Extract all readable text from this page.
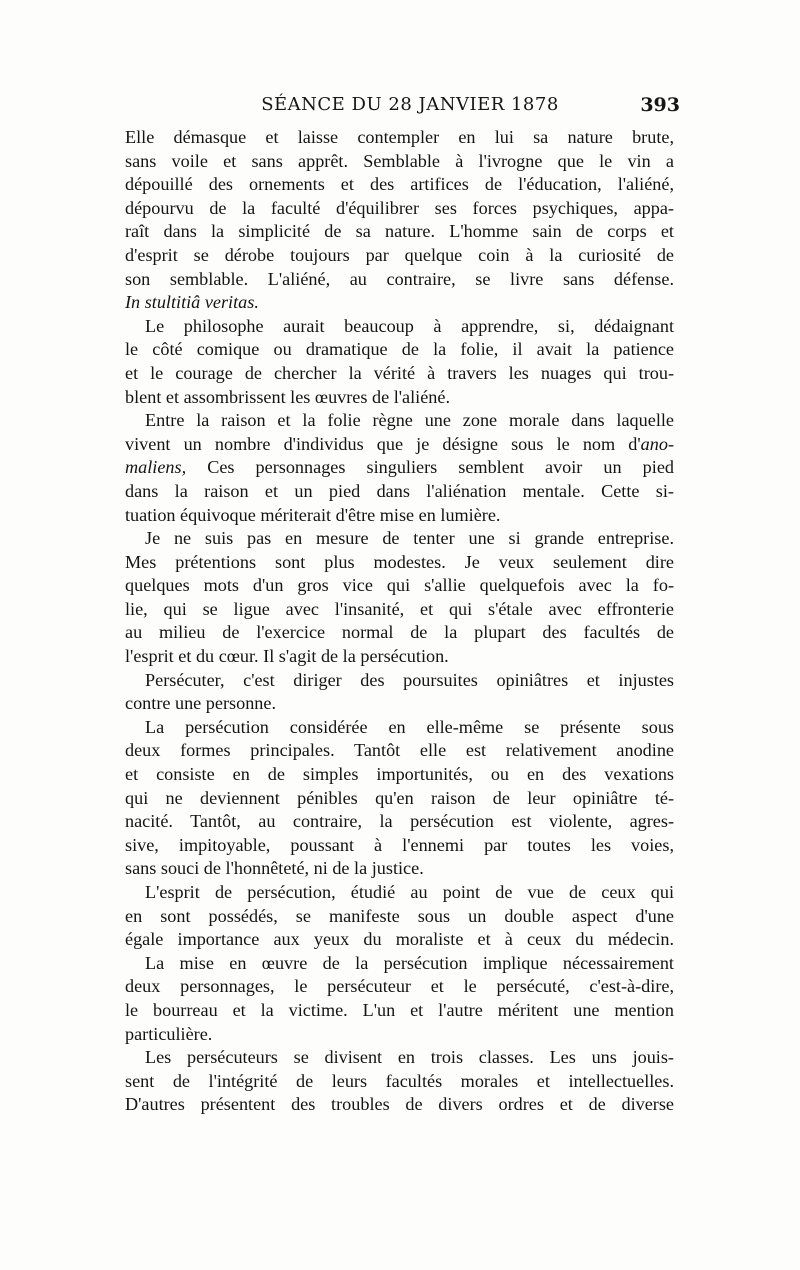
SÉANCE DU 28 JANVIER 1878	393
Elle démasque et laisse contempler en lui sa nature brute,
sans voile et sans apprêt. Semblable à l'ivrogne que le vin a
dépouillé des ornements et des artifices de l'éducation, l'aliéné,
dépourvu de la faculté d'équilibrer ses forces psychiques, appa-
raît dans la simplicité de sa nature. L'homme sain de corps et
d'esprit se dérobe toujours par quelque coin à la curiosité de
son semblable. L'aliéné, au contraire, se livre sans défense.
In stultitiâ veritas.
Le philosophe aurait beaucoup à apprendre, si, dédaignant
le côté comique ou dramatique de la folie, il avait la patience
et le courage de chercher la vérité à travers les nuages qui trou-
blent et assombrissent les œuvres de l'aliéné.
Entre la raison et la folie règne une zone morale dans laquelle
vivent un nombre d'individus que je désigne sous le nom d'ano-
maliens, Ces personnages singuliers semblent avoir un pied
dans la raison et un pied dans l'aliénation mentale. Cette si-
tuation équivoque mériterait d'être mise en lumière.
Je ne suis pas en mesure de tenter une si grande entreprise.
Mes prétentions sont plus modestes. Je veux seulement dire
quelques mots d'un gros vice qui s'allie quelquefois avec la fo-
lie, qui se ligue avec l'insanité, et qui s'étale avec effronterie
au milieu de l'exercice normal de la plupart des facultés de
l'esprit et du cœur. Il s'agit de la persécution.
Persécuter, c'est diriger des poursuites opiniâtres et injustes
contre une personne.
La persécution considérée en elle-même se présente sous
deux formes principales. Tantôt elle est relativement anodine
et consiste en de simples importunités, ou en des vexations
qui ne deviennent pénibles qu'en raison de leur opiniâtre té-
nacité. Tantôt, au contraire, la persécution est violente, agres-
sive, impitoyable, poussant à l'ennemi par toutes les voies,
sans souci de l'honnêteté, ni de la justice.
L'esprit de persécution, étudié au point de vue de ceux qui
en sont possédés, se manifeste sous un double aspect d'une
égale importance aux yeux du moraliste et à ceux du médecin.
La mise en œuvre de la persécution implique nécessairement
deux personnages, le persécuteur et le persécuté, c'est-à-dire,
le bourreau et la victime. L'un et l'autre méritent une mention
particulière.
Les persécuteurs se divisent en trois classes. Les uns jouis-
sent de l'intégrité de leurs facultés morales et intellectuelles.
D'autres présentent des troubles de divers ordres et de diverse
